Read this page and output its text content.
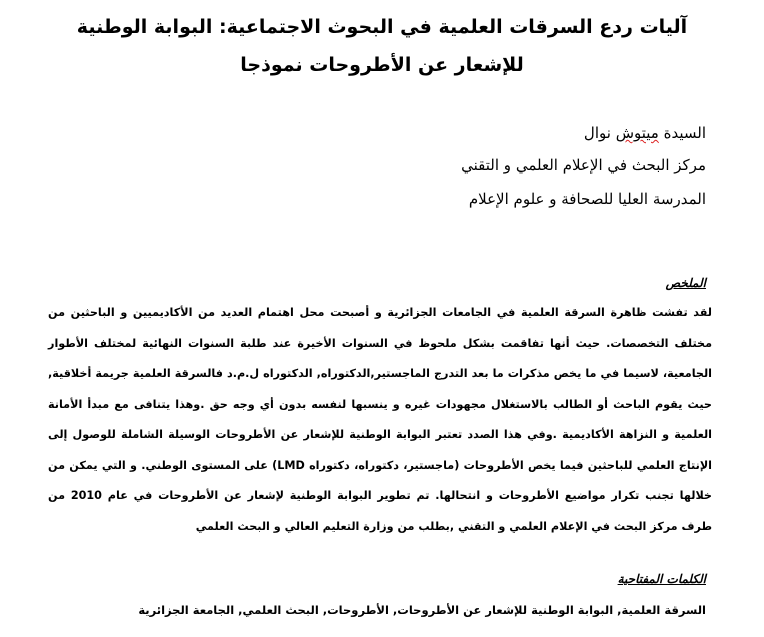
آليات ردع السرقات العلمية في البحوث الاجتماعية: البوابة الوطنية للإشعار عن الأطروحات نموذجا
السيدة ميتوش نوال
مركز البحث في الإعلام العلمي و التقني
المدرسة العليا للصحافة و علوم الإعلام
الملخص
لقد تفشت ظاهرة السرقة العلمية في الجامعات الجزائرية و أصبحت محل اهتمام العديد من الأكاديميين و الباحثين من مختلف التخصصات. حيث أنها تفاقمت بشكل ملحوظ في السنوات الأخيرة عند طلبة السنوات النهائية لمختلف الأطوار الجامعية، لاسيما في ما يخص مذكرات ما بعد التدرج الماجستير,الدكتوراه, الدكتوراه ل.م.د فالسرقة العلمية جريمة أخلاقية, حيث يقوم الباحث أو الطالب بالاستغلال مجهودات غيره و ينسبها لنفسه بدون أي وجه حق .وهذا يتنافى مع مبدأ الأمانة العلمية و النزاهة الأكاديمية .وفي هذا الصدد تعتبر البوابة الوطنية للإشعار عن الأطروحات الوسيلة الشاملة للوصول إلى الإنتاج العلمي للباحثين فيما يخص الأطروحات (ماجستير، دكتوراه، دكتوراه LMD) على المستوى الوطني. و التي يمكن من خلالها تجنب تكرار مواضيع الأطروحات و انتحالها. تم تطوير البوابة الوطنية لإشعار عن الأطروحات في عام 2010 من طرف مركز البحث في الإعلام العلمي و التقني ,بطلب من وزارة التعليم العالي و البحث العلمي
الكلمات المفتاحية
السرقة العلمية, البوابة الوطنية للإشعار عن الأطروحات, الأطروحات, البحث العلمي, الجامعة الجزائرية
